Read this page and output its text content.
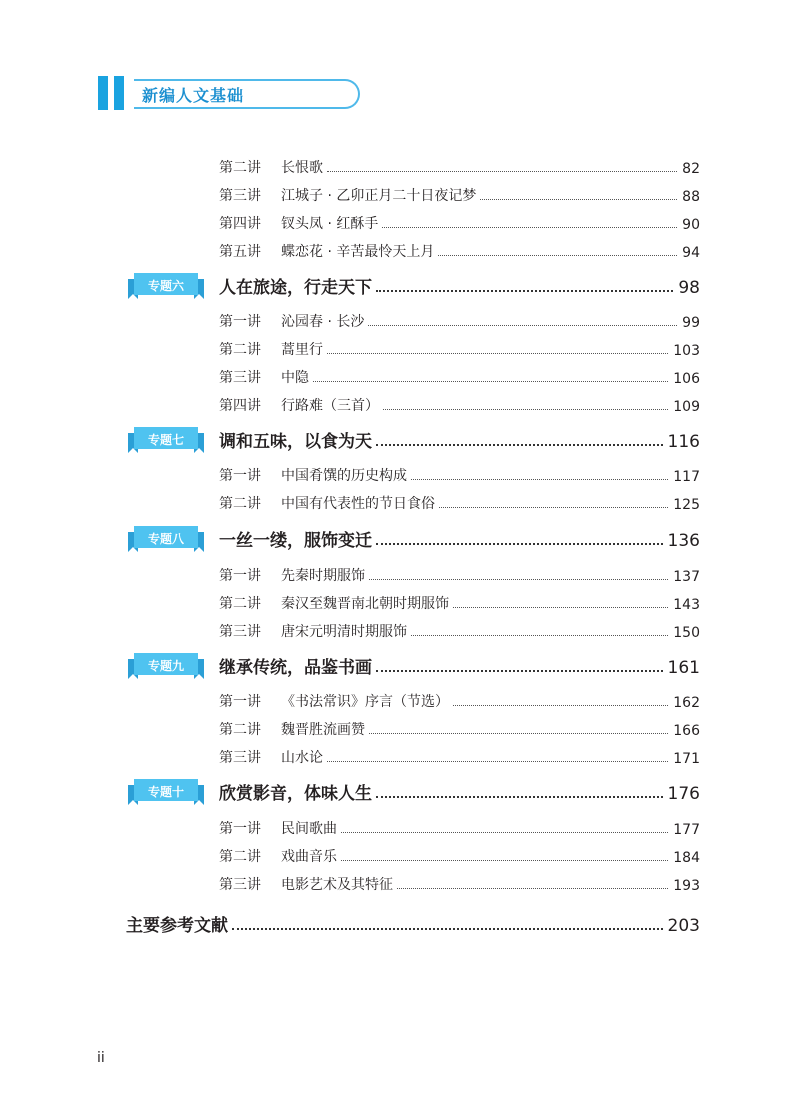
新编人文基础
第二讲	长恨歌	82
第三讲	江城子 · 乙卯正月二十日夜记梦	88
第四讲	钗头凤 · 红酥手	90
第五讲	蝶恋花 · 辛苦最怜天上月	94
人在旅途，行走天下	98
专题六
第一讲	沁园春 · 长沙	99
第二讲	蒿里行	103
第三讲	中隐	106
第四讲	行路难（三首）	109
调和五味，以食为天	116
专题七
第一讲	中国肴馔的历史构成	117
第二讲	中国有代表性的节日食俗	125
一丝一缕，服饰变迁	136
专题八
第一讲	先秦时期服饰	137
第二讲	秦汉至魏晋南北朝时期服饰	143
第三讲	唐宋元明清时期服饰	150
继承传统，品鉴书画	161
专题九
第一讲	《书法常识》序言（节选）	162
第二讲	魏晋胜流画赞	166
第三讲	山水论	171
欣赏影音，体味人生	176
专题十
第一讲	民间歌曲	177
第二讲	戏曲音乐	184
第三讲	电影艺术及其特征	193
主要参考文献	203
ii
